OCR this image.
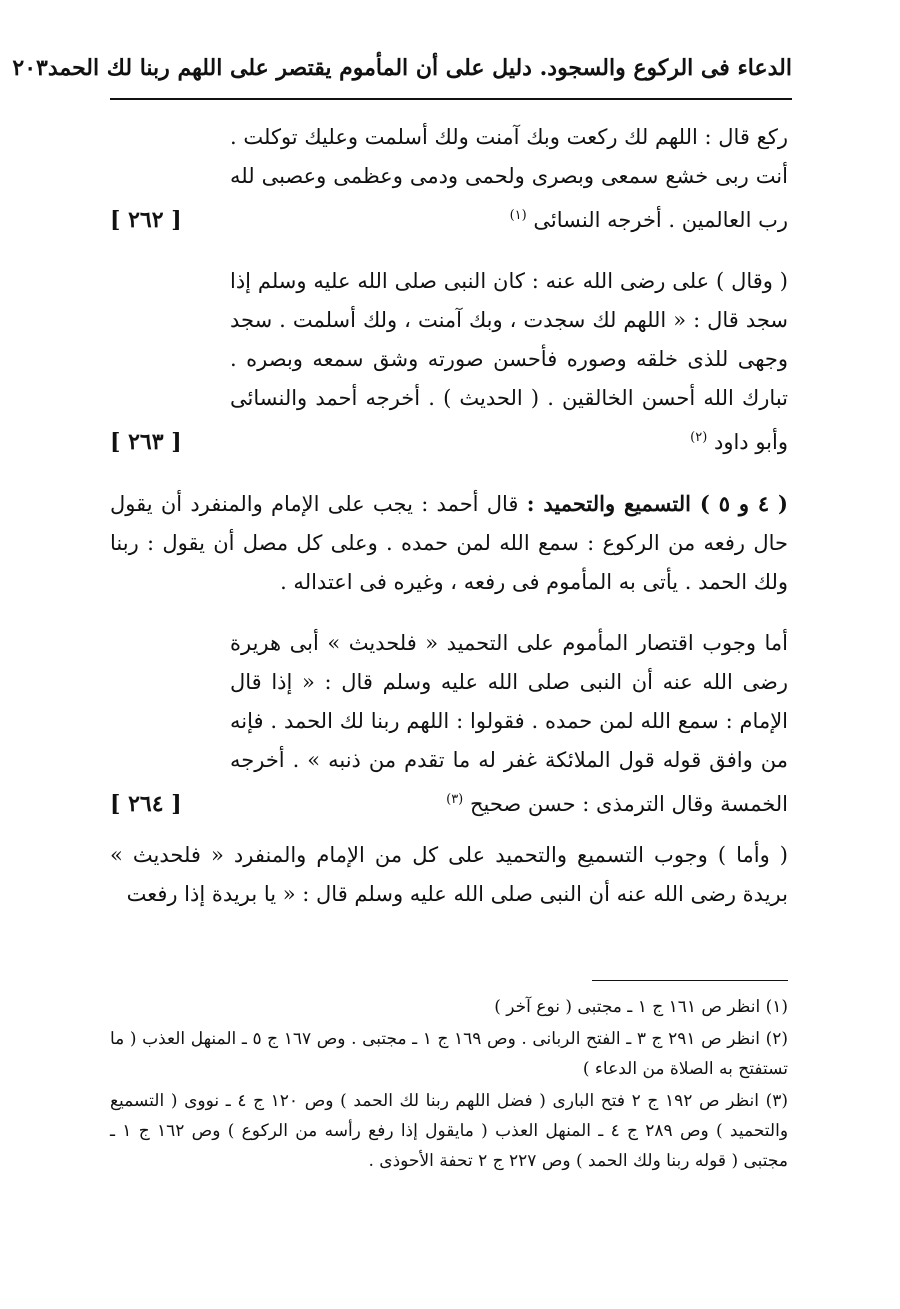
الدعاء فى الركوع والسجود. دليل على أن المأموم يقتصر على اللهم ربنا لك الحمد
٢٠٣

ركع قال : اللهم لك ركعت وبك آمنت ولك أسلمت وعليك توكلت . أنت ربى خشع سمعى وبصرى ولحمى ودمى وعظمى وعصبى لله رب العالمين . أخرجه النسائى $^{(١)}$
[ ٢٦٢ ]

( وقال ) على رضى الله عنه : كان النبى صلى الله عليه وسلم إذا سجد قال : « اللهم لك سجدت ، وبك آمنت ، ولك أسلمت . سجد وجهى للذى خلقه وصوره فأحسن صورته وشق سمعه وبصره . تبارك الله أحسن الخالقين . ( الحديث ) . أخرجه أحمد والنسائى وأبو داود $^{(٢)}$
[ ٢٦٣ ]

( ٤ و ٥ ) التسميع والتحميد : قال أحمد : يجب على الإمام والمنفرد أن يقول حال رفعه من الركوع : سمع الله لمن حمده . وعلى كل مصل أن يقول : ربنا ولك الحمد . يأتى به المأموم فى رفعه ، وغيره فى اعتداله .

أما وجوب اقتصار المأموم على التحميد « فلحديث » أبى هريرة رضى الله عنه أن النبى صلى الله عليه وسلم قال : « إذا قال الإمام : سمع الله لمن حمده . فقولوا : اللهم ربنا لك الحمد . فإنه من وافق قوله قول الملائكة غفر له ما تقدم من ذنبه » . أخرجه الخمسة وقال الترمذى : حسن صحيح $^{(٣)}$
[ ٢٦٤ ]

( وأما ) وجوب التسميع والتحميد على كل من الإمام والمنفرد « فلحديث » بريدة رضى الله عنه أن النبى صلى الله عليه وسلم قال : « يا بريدة إذا رفعت

(١) انظر ص ١٦١ ج ١ ـ مجتبى ( نوع آخر )

(٢) انظر ص ٢٩١ ج ٣ ـ الفتح الربانى . وص ١٦٩ ج ١ ـ مجتبى . وص ١٦٧ ج ٥ ـ المنهل العذب ( ما تستفتح به الصلاة من الدعاء )

(٣) انظر ص ١٩٢ ج ٢ فتح البارى ( فضل اللهم ربنا لك الحمد ) وص ١٢٠ ج ٤ ـ نووى ( التسميع والتحميد ) وص ٢٨٩ ج ٤ ـ المنهل العذب ( مايقول إذا رفع رأسه من الركوع ) وص ١٦٢ ج ١ ـ مجتبى ( قوله ربنا ولك الحمد ) وص ٢٢٧ ج ٢ تحفة الأحوذى .
